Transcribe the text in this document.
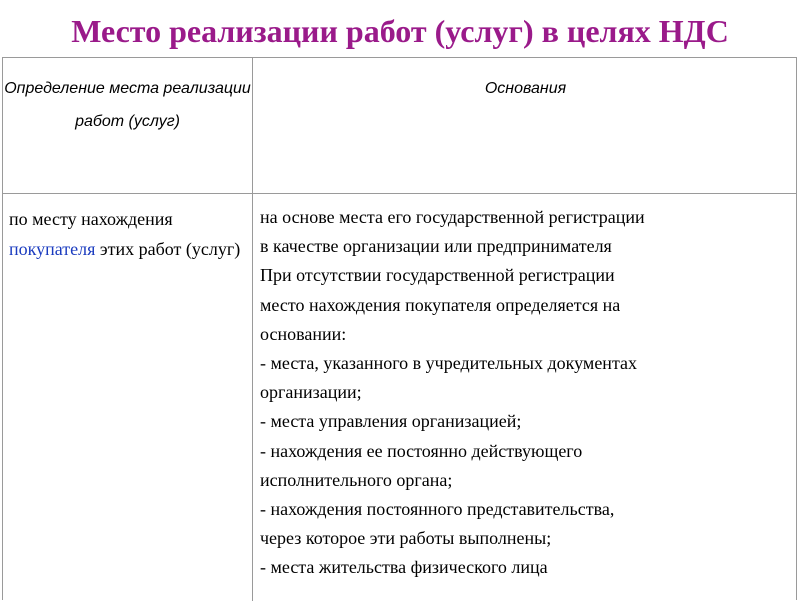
Место реализации работ (услуг) в целях НДС
Определение места реализации работ (услуг)
Основания
по месту нахождения покупателя этих работ (услуг)
на основе места его государственной регистрации
в качестве организации или предпринимателя
При отсутствии государственной регистрации
место нахождения покупателя определяется на
основании:
- места, указанного в учредительных документах
организации;
- места управления организацией;
- нахождения ее постоянно действующего
исполнительного органа;
- нахождения постоянного представительства,
через которое эти работы выполнены;
- места жительства физического лица
